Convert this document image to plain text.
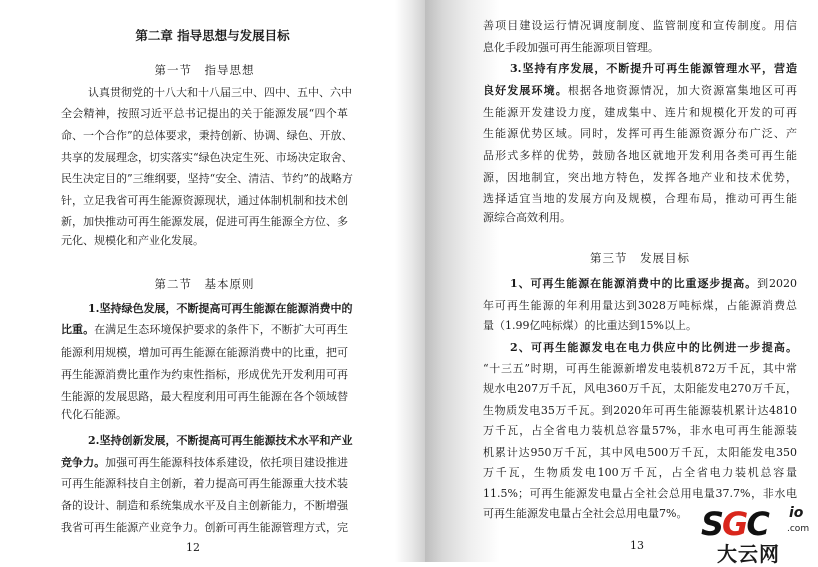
第二章 指导思想与发展目标
第一节　指导思想
认真贯彻党的十八大和十八届三中、四中、五中、六中
全会精神，按照习近平总书记提出的关于能源发展“四个革
命、一个合作”的总体要求，秉持创新、协调、绿色、开放、
共享的发展理念，切实落实“绿色决定生死、市场决定取舍、
民生决定目的”三维纲要，坚持“安全、清洁、节约”的战略方
针，立足我省可再生能源资源现状，通过体制机制和技术创
新，加快推动可再生能源发展，促进可再生能源全方位、多
元化、规模化和产业化发展。
第二节　基本原则
1.坚持绿色发展，不断提高可再生能源在能源消费中的
比重。在满足生态环境保护要求的条件下，不断扩大可再生
能源利用规模，增加可再生能源在能源消费中的比重，把可
再生能源消费比重作为约束性指标，形成优先开发利用可再
生能源的发展思路，最大程度利用可再生能源在各个领域替
代化石能源。
2.坚持创新发展，不断提高可再生能源技术水平和产业
竞争力。加强可再生能源科技体系建设，依托项目建设推进
可再生能源科技自主创新，着力提高可再生能源重大技术装
备的设计、制造和系统集成水平及自主创新能力，不断增强
我省可再生能源产业竞争力。创新可再生能源管理方式，完
12
善项目建设运行情况调度制度、监管制度和宣传制度。用信
息化手段加强可再生能源项目管理。
3.坚持有序发展，不断提升可再生能源管理水平，营造
良好发展环境。根据各地资源情况，加大资源富集地区可再
生能源开发建设力度，建成集中、连片和规模化开发的可再
生能源优势区域。同时，发挥可再生能源资源分布广泛、产
品形式多样的优势，鼓励各地区就地开发利用各类可再生能
源，因地制宜，突出地方特色，发挥各地产业和技术优势，
选择适宜当地的发展方向及规模，合理布局，推动可再生能
源综合高效利用。
第三节　发展目标
1、可再生能源在能源消费中的比重逐步提高。到2020
年可再生能源的年利用量达到3028万吨标煤，占能源消费总
量（1.99亿吨标煤）的比重达到15%以上。
2、可再生能源发电在电力供应中的比例进一步提高。
“十三五”时期，可再生能源新增发电装机872万千瓦，其中常
规水电207万千瓦，风电360万千瓦，太阳能发电270万千瓦，
生物质发电35万千瓦。到2020年可再生能源装机累计达4810
万千瓦，占全省电力装机总容量57%，非水电可再生能源装
机累计达950万千瓦，其中风电500万千瓦，太阳能发电350
万千瓦，生物质发电100万千瓦，占全省电力装机总容量
11.5%；可再生能源发电量占全社会总用电量37.7%，非水电
可再生能源发电量占全社会总用电量7%。
13
SGC io
.com
大云网
